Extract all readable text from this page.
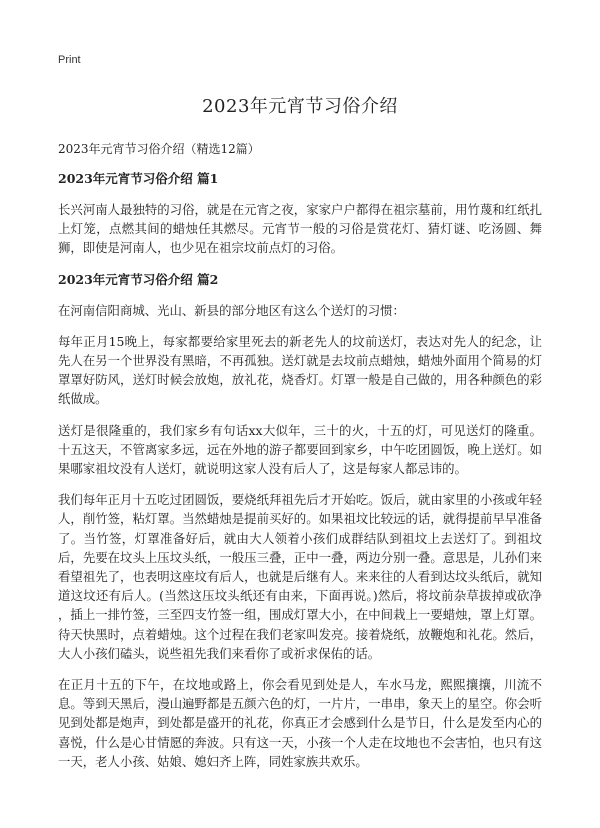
Print
2023年元宵节习俗介绍

2023年元宵节习俗介绍（精选12篇）

2023年元宵节习俗介绍 篇1

长兴河南人最独特的习俗，就是在元宵之夜，家家户户都得在祖宗墓前，用竹蔑和红纸扎上灯笼，点燃其间的蜡烛任其燃尽。元宵节一般的习俗是赏花灯、猜灯谜、吃汤圆、舞狮，即使是河南人，也少见在祖宗坟前点灯的习俗。

2023年元宵节习俗介绍 篇2

在河南信阳商城、光山、新县的部分地区有这么个送灯的习惯：

每年正月15晚上，每家都要给家里死去的新老先人的坟前送灯，表达对先人的纪念，让先人在另一个世界没有黑暗，不再孤独。送灯就是去坟前点蜡烛，蜡烛外面用个简易的灯罩罩好防风，送灯时候会放炮，放礼花，烧香灯。灯罩一般是自己做的，用各种颜色的彩纸做成。

送灯是很隆重的，我们家乡有句话xx大似年，三十的火，十五的灯，可见送灯的隆重。十五这天，不管离家多远，远在外地的游子都要回到家乡，中午吃团圆饭，晚上送灯。如果哪家祖坟没有人送灯，就说明这家人没有后人了，这是每家人都忌讳的。

我们每年正月十五吃过团圆饭，要烧纸拜祖先后才开始吃。饭后，就由家里的小孩或年轻人，削竹签，粘灯罩。当然蜡烛是提前买好的。如果祖坟比较远的话，就得提前早早准备了。当竹签，灯罩准备好后，就由大人领着小孩们成群结队到祖坟上去送灯了。到祖坟后，先要在坟头上压坟头纸，一般压三叠，正中一叠，两边分别一叠。意思是，儿孙们来看望祖先了，也表明这座坟有后人，也就是后继有人。来来往的人看到达坟头纸后，就知道这坟还有后人。(当然这压坟头纸还有由来，下面再说。)然后，将坟前杂草拔掉或砍净 ，插上一排竹签，三至四支竹签一组，围成灯罩大小，在中间栽上一要蜡烛，罩上灯罩。待天快黑时，点着蜡烛。这个过程在我们老家叫发亮。接着烧纸，放鞭炮和礼花。然后，大人小孩们磕头，说些祖先我们来看你了或祈求保佑的话。

在正月十五的下午，在坟地或路上，你会看见到处是人，车水马龙，熙熙攘攘，川流不息。等到天黑后，漫山遍野都是五颜六色的灯，一片片，一串串，象天上的星空。你会听见到处都是炮声，到处都是盛开的礼花，你真正才会感到什么是节日，什么是发至内心的喜悦，什么是心甘情愿的奔波。只有这一天，小孩一个人走在坟地也不会害怕，也只有这一天，老人小孩、姑娘、媳妇齐上阵，同姓家族共欢乐。
